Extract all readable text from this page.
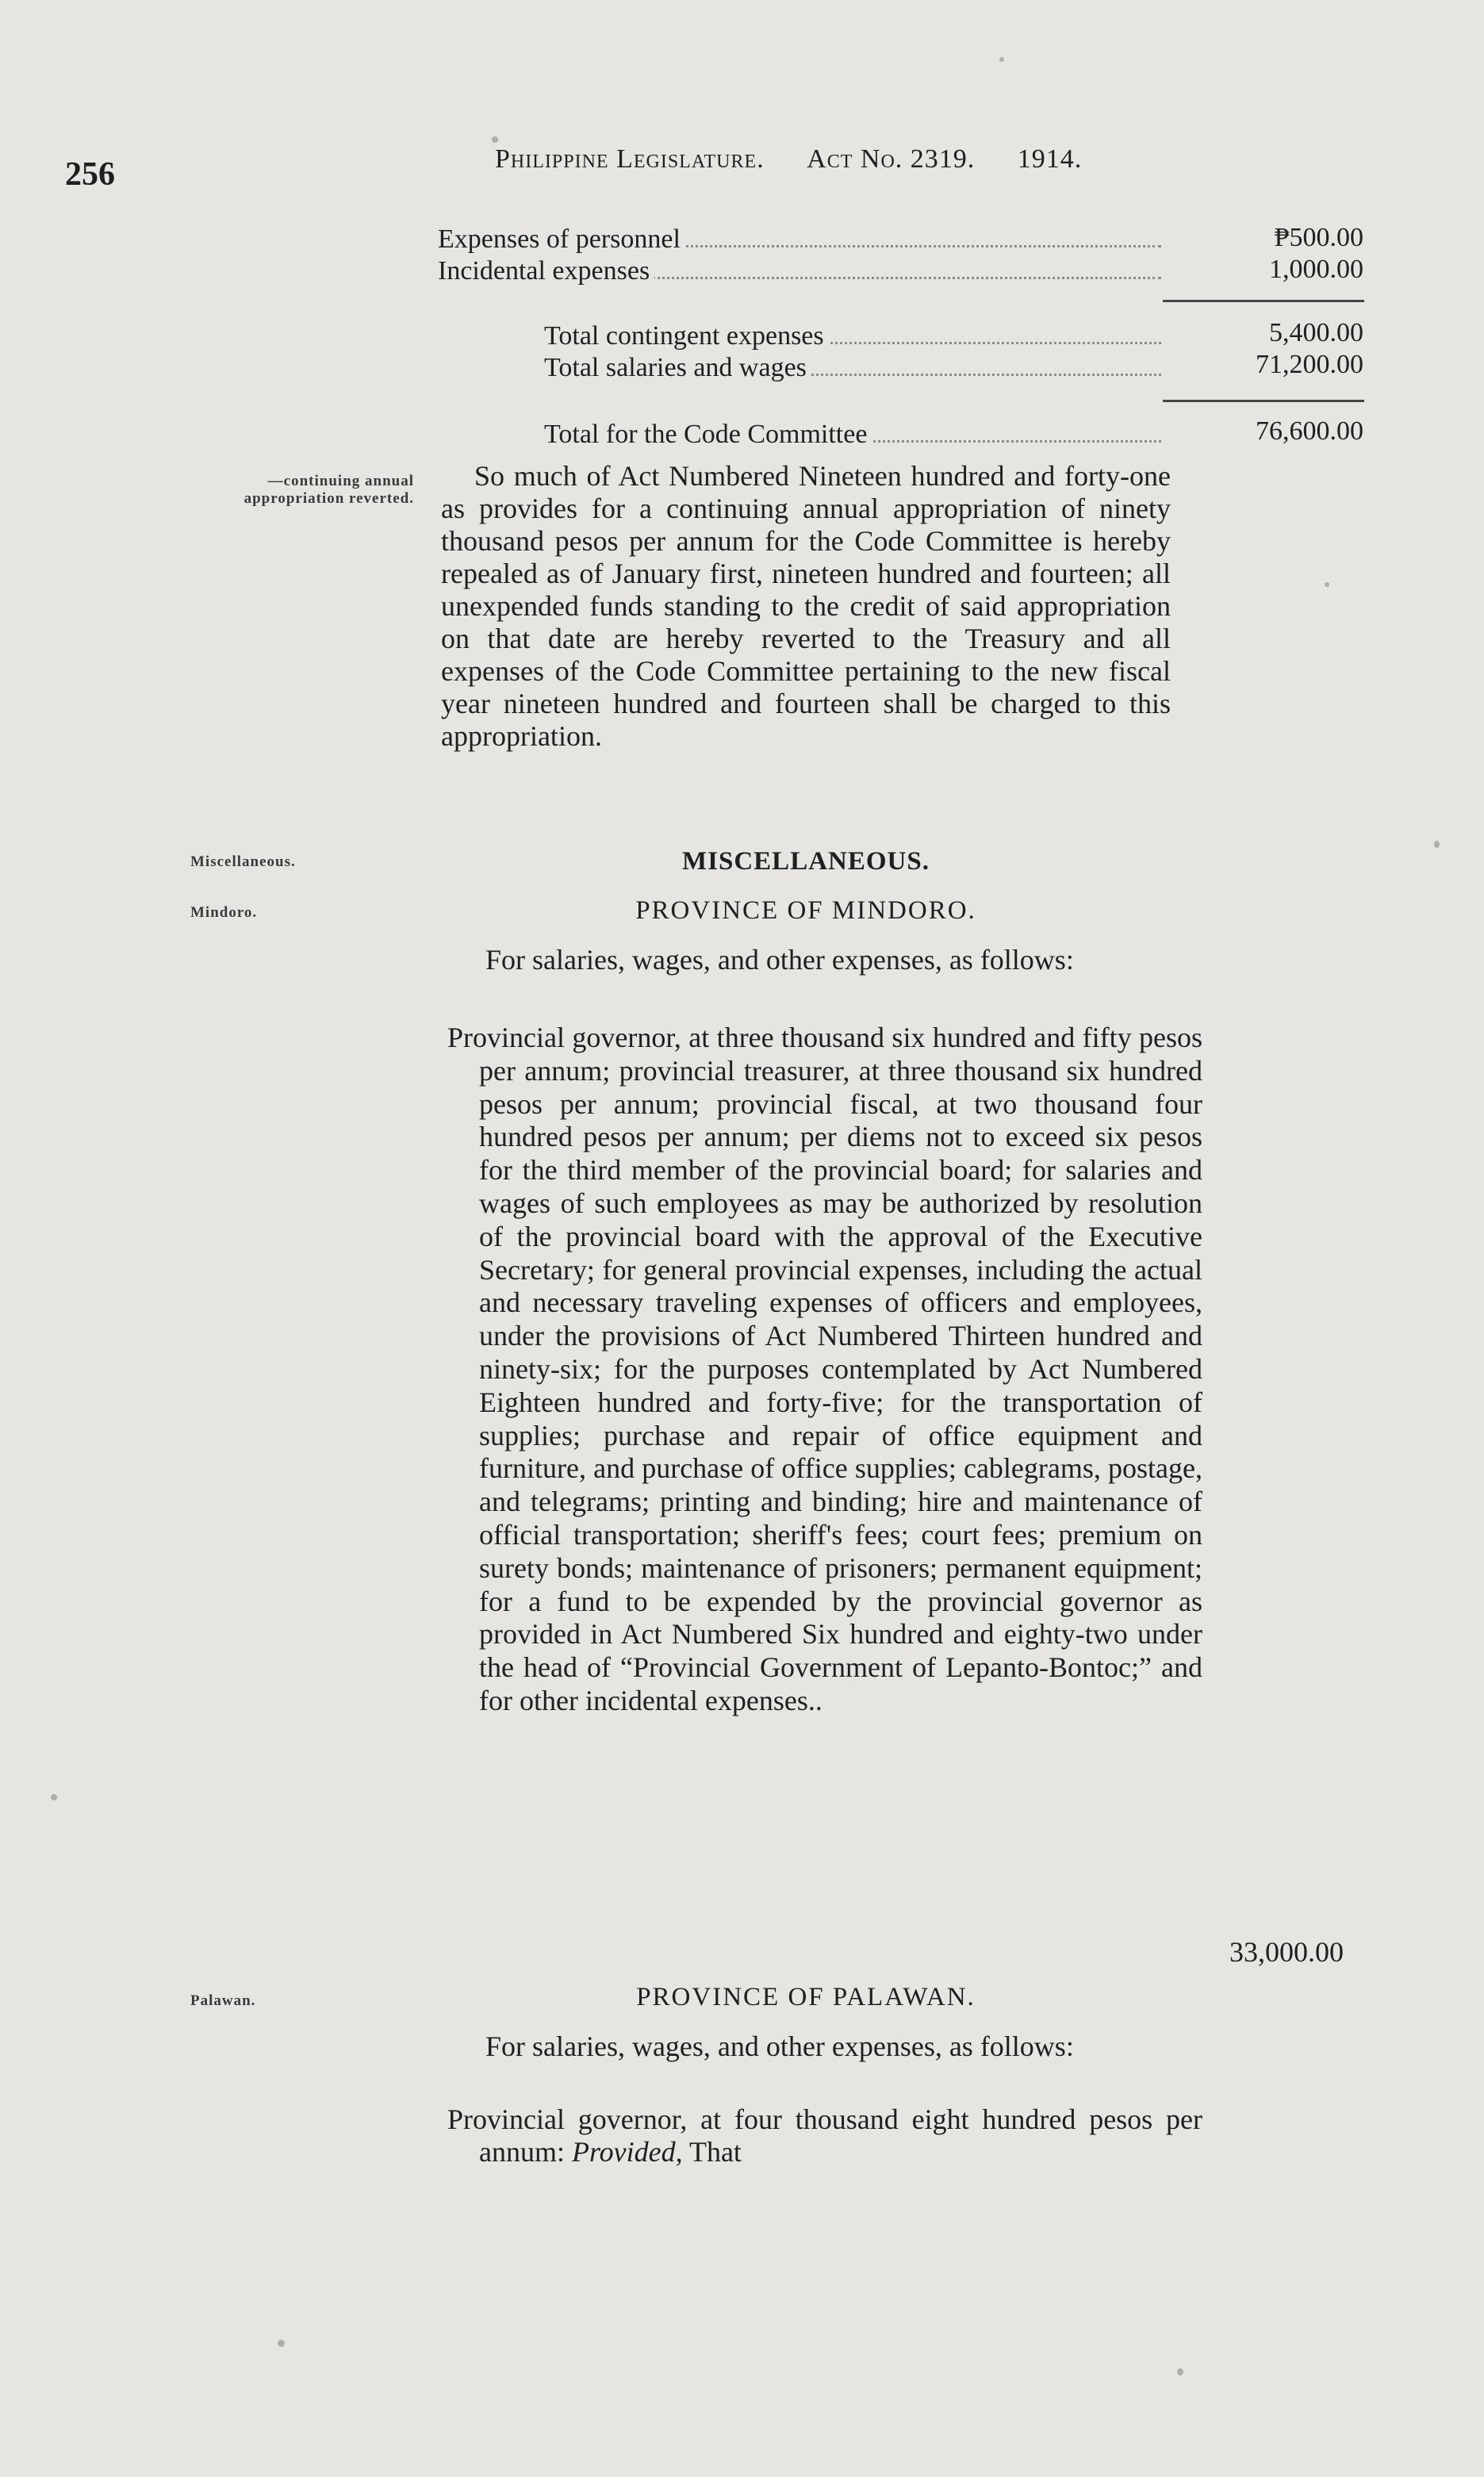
256	Philippine Legislature. Act No. 2319. 1914.
Expenses of personnel	₱500.00
Incidental expenses	1,000.00
Total contingent expenses	5,400.00
Total salaries and wages	71,200.00
Total for the Code Committee	76,600.00
—continuing annual appropriation reverted.
So much of Act Numbered Nineteen hundred and forty-one as provides for a continuing annual appropriation of ninety thousand pesos per annum for the Code Committee is hereby repealed as of January first, nineteen hundred and fourteen; all unexpended funds standing to the credit of said appropriation on that date are hereby reverted to the Treasury and all expenses of the Code Committee pertaining to the new fiscal year nineteen hundred and fourteen shall be charged to this appropriation.
Miscellaneous.	MISCELLANEOUS.
Mindoro.	PROVINCE OF MINDORO.
For salaries, wages, and other expenses, as follows:
Provincial governor, at three thousand six hundred and fifty pesos per annum; provincial treasurer, at three thousand six hundred pesos per annum; provincial fiscal, at two thousand four hundred pesos per annum; per diems not to exceed six pesos for the third member of the provincial board; for salaries and wages of such employees as may be authorized by resolution of the provincial board with the approval of the Executive Secretary; for general provincial expenses, including the actual and necessary traveling expenses of officers and employees, under the provisions of Act Numbered Thirteen hundred and ninety-six; for the purposes contemplated by Act Numbered Eighteen hundred and forty-five; for the transportation of supplies; purchase and repair of office equipment and furniture, and purchase of office supplies; cablegrams, postage, and telegrams; printing and binding; hire and maintenance of official transportation; sheriff's fees; court fees; premium on surety bonds; maintenance of prisoners; permanent equipment; for a fund to be expended by the provincial governor as provided in Act Numbered Six hundred and eighty-two under the head of “Provincial Government of Lepanto-Bontoc;” and for other incidental expenses..
33,000.00
Palawan.	PROVINCE OF PALAWAN.
For salaries, wages, and other expenses, as follows:
Provincial governor, at four thousand eight hundred pesos per annum: Provided, That
